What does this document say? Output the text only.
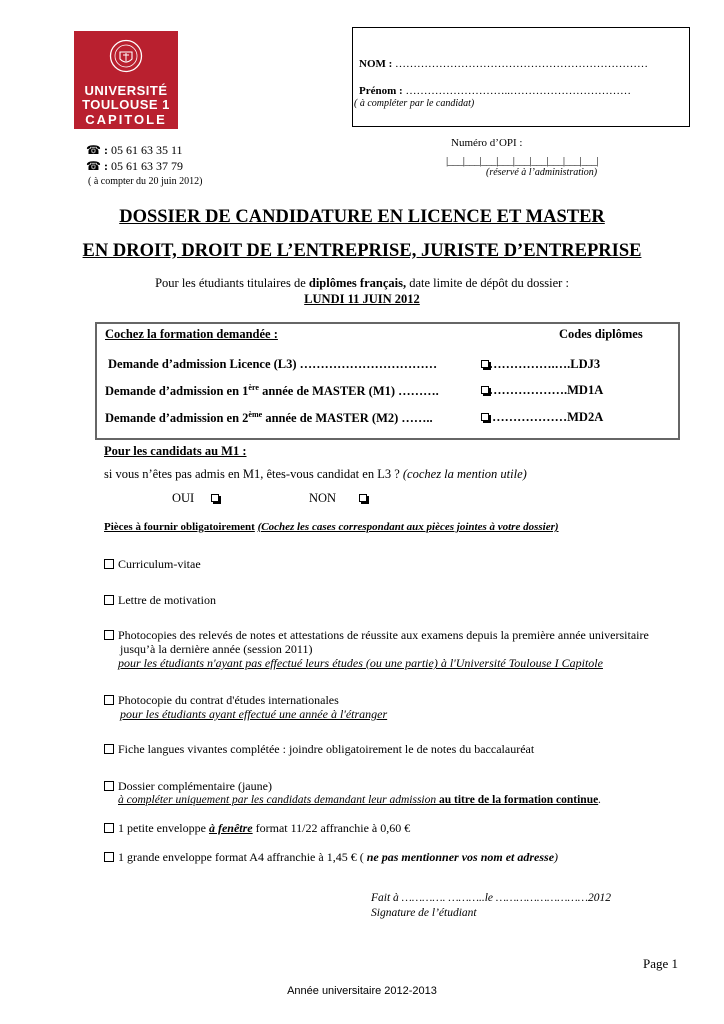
UNIVERSITÉ
TOULOUSE 1
CAPITOLE
NOM : ……………………………………………………………
Prénom : ………………………..……………………………
( à compléter par le candidat)
☎ : 05 61 63 35 11
☎ : 05 61 63 37 79
( à compter du 20 juin 2012)
Numéro d’OPI :
|___|___|___|___|___|___|___|___|___|
(réservé à l’administration)
DOSSIER DE CANDIDATURE EN LICENCE ET MASTER
EN DROIT, DROIT DE L’ENTREPRISE, JURISTE D’ENTREPRISE
Pour les étudiants titulaires de diplômes français, date limite de dépôt du dossier :
LUNDI 11 JUIN 2012
Cochez la formation demandée :	Codes diplômes
Demande d’admission Licence (L3) ……………………………	…………….….LDJ3
Demande d’admission en 1ère année de MASTER (M1) ……….	……………….MD1A
Demande d’admission en 2ème année de MASTER (M2) ……..	………………MD2A
Pour les candidats au M1 :
si vous n’êtes pas admis en M1, êtes-vous candidat en L3 ? (cochez la mention utile)
OUI	NON
Pièces à fournir obligatoirement (Cochez les cases correspondant aux pièces jointes à votre dossier)
Curriculum-vitae
Lettre de motivation
Photocopies des relevés de notes et attestations de réussite aux examens depuis la première année universitaire
jusqu’à la dernière année (session 2011)
pour les étudiants n'ayant pas effectué leurs études (ou une partie) à l'Université Toulouse I Capitole
Photocopie du contrat d'études internationales
pour les étudiants ayant effectué une année à l'étranger
Fiche langues vivantes complétée : joindre obligatoirement le de notes du baccalauréat
Dossier complémentaire (jaune)
à compléter uniquement par les candidats demandant leur admission au titre de la formation continue.
1 petite enveloppe à fenêtre format 11/22 affranchie à 0,60 €
1 grande enveloppe format A4 affranchie à 1,45 € ( ne pas mentionner vos nom et adresse)
Fait à …………. ………..le ………………………2012
Signature de l’étudiant
Page 1
Année universitaire 2012-2013
